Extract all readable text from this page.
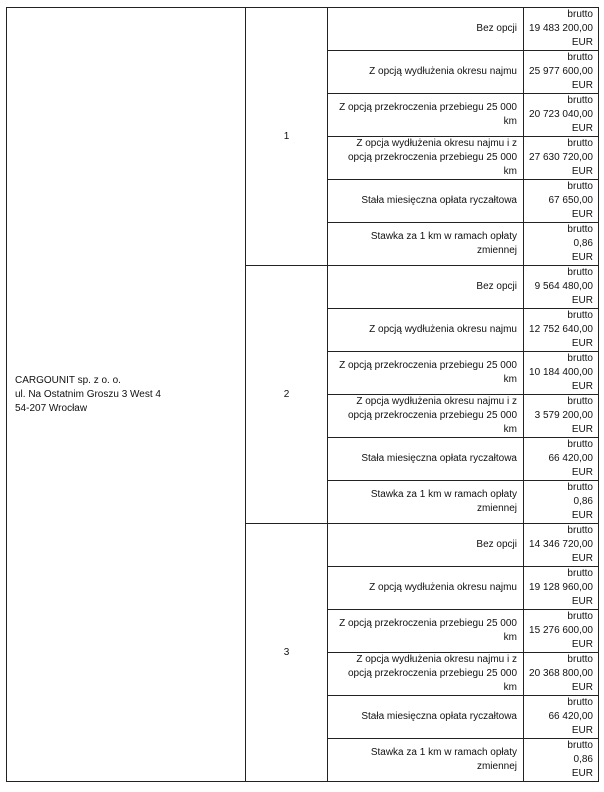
CARGOUNIT sp. z o. o.
ul. Na Ostatnim Groszu 3 West 4
54-207 Wrocław	1	Bez opcji	brutto
19 483 200,00
EUR

		Z opcją wydłużenia okresu najmu	brutto
25 977 600,00
EUR

		Z opcją przekroczenia przebiegu 25 000 km	brutto
20 723 040,00
EUR

		Z opcja wydłużenia okresu najmu i z opcją przekroczenia przebiegu 25 000 km	brutto
27 630 720,00
EUR

		Stała miesięczna opłata ryczałtowa	brutto
67 650,00
EUR

		Stawka za 1 km w ramach opłaty zmiennej	brutto
0,86
EUR

	2	Bez opcji	brutto
9 564 480,00
EUR

		Z opcją wydłużenia okresu najmu	brutto
12 752 640,00
EUR

		Z opcją przekroczenia przebiegu 25 000 km	brutto
10 184 400,00
EUR

		Z opcja wydłużenia okresu najmu i z opcją przekroczenia przebiegu 25 000 km	brutto
3 579 200,00
EUR

		Stała miesięczna opłata ryczałtowa	brutto
66 420,00
EUR

		Stawka za 1 km w ramach opłaty zmiennej	brutto
0,86
EUR

	3	Bez opcji	brutto
14 346 720,00
EUR

		Z opcją wydłużenia okresu najmu	brutto
19 128 960,00
EUR

		Z opcją przekroczenia przebiegu 25 000 km	brutto
15 276 600,00
EUR

		Z opcja wydłużenia okresu najmu i z opcją przekroczenia przebiegu 25 000 km	brutto
20 368 800,00
EUR

		Stała miesięczna opłata ryczałtowa	brutto
66 420,00
EUR

		Stawka za 1 km w ramach opłaty zmiennej	brutto
0,86
EUR
